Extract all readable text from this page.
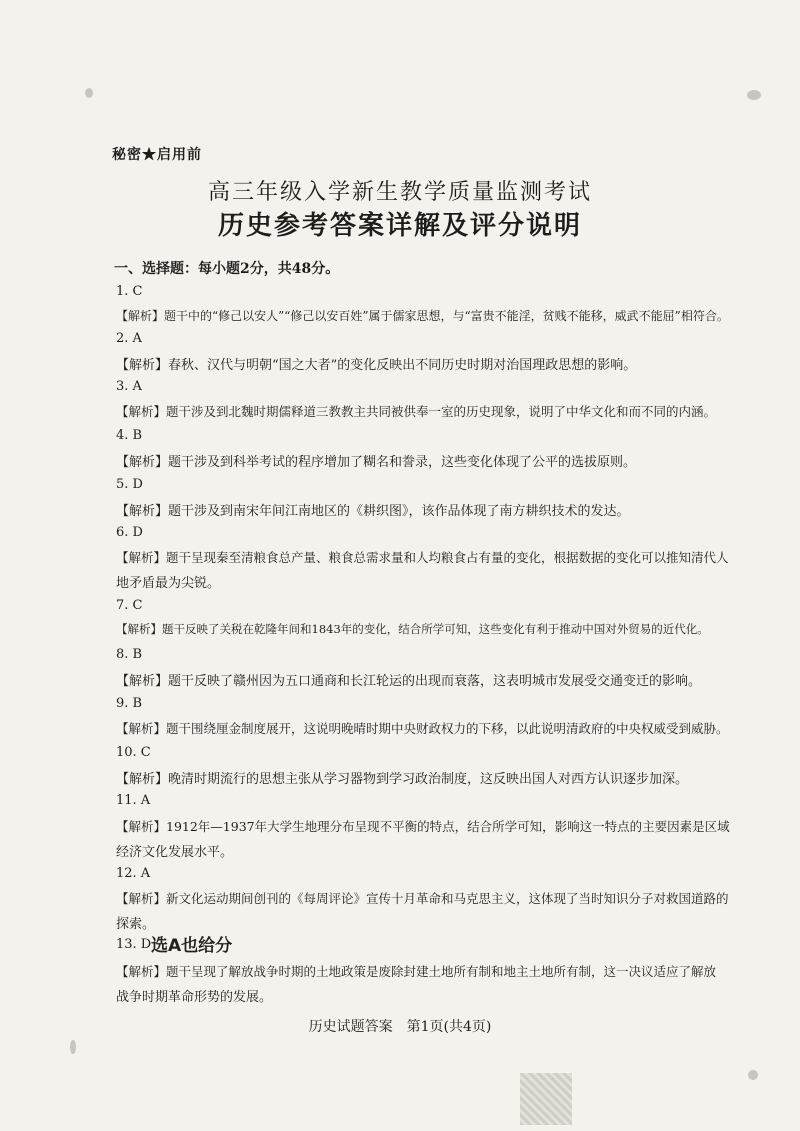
秘密★启用前
高三年级入学新生教学质量监测考试
历史参考答案详解及评分说明
一、选择题：每小题2分，共48分。
1. C
【解析】题干中的“修己以安人”“修己以安百姓”属于儒家思想，与“富贵不能淫，贫贱不能移，威武不能屈”相符合。
2. A
【解析】春秋、汉代与明朝“国之大者”的变化反映出不同历史时期对治国理政思想的影响。
3. A
【解析】题干涉及到北魏时期儒释道三教教主共同被供奉一室的历史现象，说明了中华文化和而不同的内涵。
4. B
【解析】题干涉及到科举考试的程序增加了糊名和誊录，这些变化体现了公平的选拔原则。
5. D
【解析】题干涉及到南宋年间江南地区的《耕织图》，该作品体现了南方耕织技术的发达。
6. D
【解析】题干呈现秦至清粮食总产量、粮食总需求量和人均粮食占有量的变化，根据数据的变化可以推知清代人
地矛盾最为尖锐。
7. C
【解析】题干反映了关税在乾隆年间和1843年的变化，结合所学可知，这些变化有利于推动中国对外贸易的近代化。
8. B
【解析】题干反映了赣州因为五口通商和长江轮运的出现而衰落，这表明城市发展受交通变迁的影响。
9. B
【解析】题干围绕厘金制度展开，这说明晚晴时期中央财政权力的下移，以此说明清政府的中央权威受到威胁。
10. C
【解析】晚清时期流行的思想主张从学习器物到学习政治制度，这反映出国人对西方认识逐步加深。
11. A
【解析】1912年—1937年大学生地理分布呈现不平衡的特点，结合所学可知，影响这一特点的主要因素是区域
经济文化发展水平。
12. A
【解析】新文化运动期间创刊的《每周评论》宣传十月革命和马克思主义，这体现了当时知识分子对救国道路的
探索。
13. D 选A也给分
【解析】题干呈现了解放战争时期的土地政策是废除封建土地所有制和地主土地所有制，这一决议适应了解放
战争时期革命形势的发展。
历史试题答案　第1页(共4页)
